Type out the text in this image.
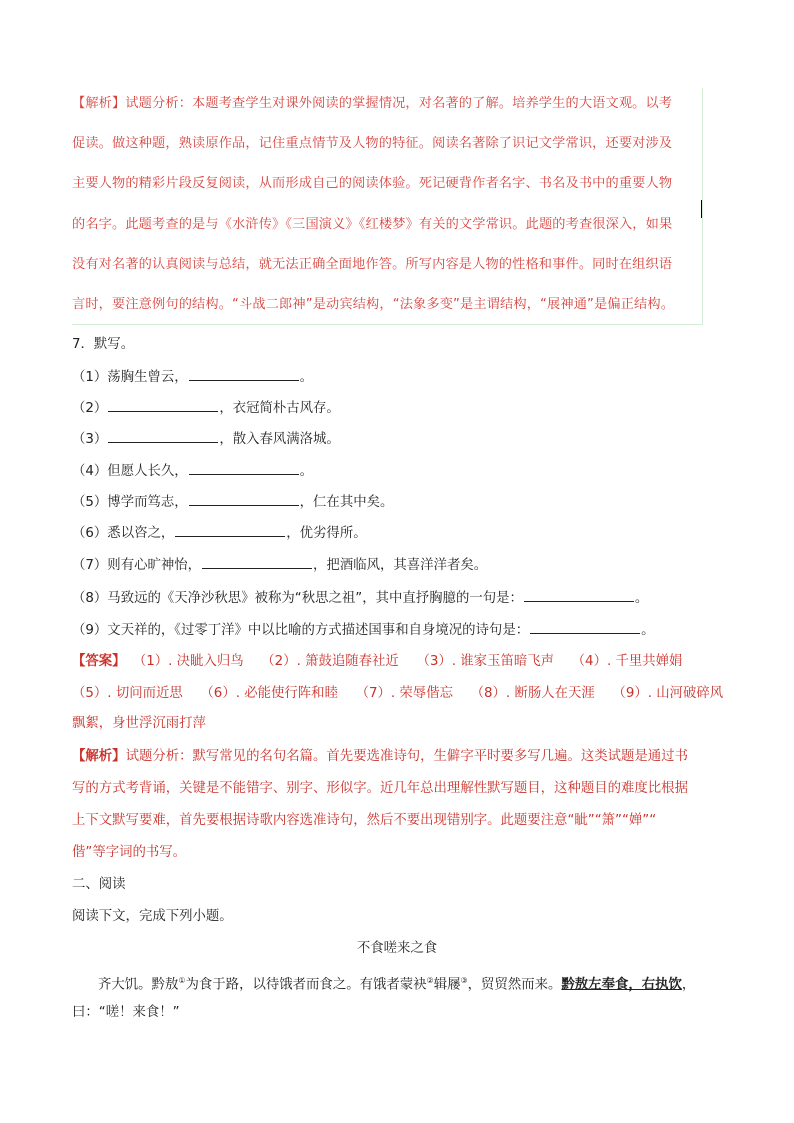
【解析】试题分析：本题考查学生对课外阅读的掌握情况，对名著的了解。培养学生的大语文观。以考
促读。做这种题，熟读原作品，记住重点情节及人物的特征。阅读名著除了识记文学常识，还要对涉及
主要人物的精彩片段反复阅读，从而形成自己的阅读体验。死记硬背作者名字、书名及书中的重要人物
的名字。此题考查的是与《水浒传》《三国演义》《红楼梦》有关的文学常识。此题的考查很深入，如果
没有对名著的认真阅读与总结，就无法正确全面地作答。所写内容是人物的性格和事件。同时在组织语
言时，要注意例句的结构。“斗战二郎神”是动宾结构，“法象多变”是主谓结构，“展神通”是偏正结构。
7．默写。
（1）荡胸生曾云，	。
（2）	，衣冠简朴古风存。
（3）	，散入春风满洛城。
（4）但愿人长久，	。
（5）博学而笃志，	，仁在其中矣。
（6）悉以咨之，	，优劣得所。
（7）则有心旷神怡，	，把酒临风，其喜洋洋者矣。
（8）马致远的《天净沙秋思》被称为“秋思之祖”，其中直抒胸臆的一句是：	。
（9）文天祥的，《过零丁洋》中以比喻的方式描述国事和自身境况的诗句是：	。
【答案】 （1）. 决眦入归鸟　 （2）. 箫鼓追随春社近　 （3）. 谁家玉笛暗飞声　 （4）. 千里共婵娟
（5）. 切问而近思　 （6）. 必能使行阵和睦　 （7）. 荣辱偕忘　 （8）. 断肠人在天涯　 （9）. 山河破碎风
飘絮，身世浮沉雨打萍
【解析】试题分析：默写常见的名句名篇。首先要选准诗句，生僻字平时要多写几遍。这类试题是通过书
写的方式考背诵，关键是不能错字、别字、形似字。近几年总出理解性默写题目，这种题目的难度比根据
上下文默写要难，首先要根据诗歌内容选准诗句，然后不要出现错别字。此题要注意“眦”“箫”“婵”“
偕”等字词的书写。
二、阅读
阅读下文，完成下列小题。
不食嗟来之食
齐大饥。黔敖①为食于路，以待饿者而食之。有饿者蒙袂②辑屦③，贸贸然而来。黔敖左奉食，右执饮，
曰：“嗟！来食！”
